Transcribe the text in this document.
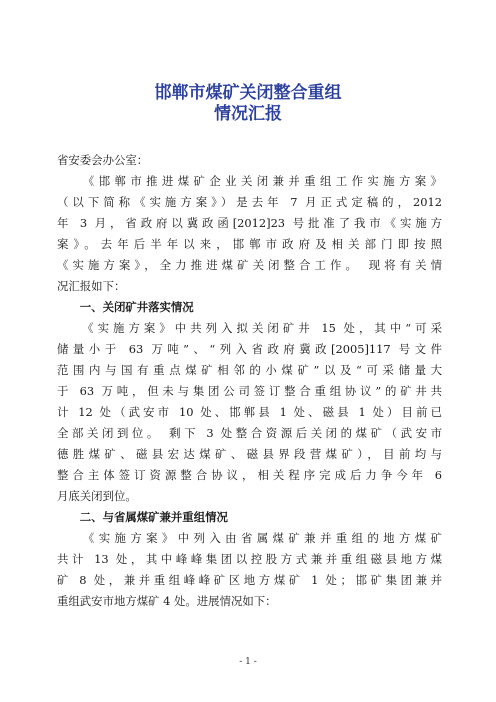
邯郸市煤矿关闭整合重组
情况汇报
省安委会办公室：
　　《邯郸市推进煤矿企业关闭兼并重组工作实施方案》
（以下简称《实施方案》）是去年 7 月正式定稿的，2012
年 3 月，省政府以冀政函[2012]23 号批准了我市《实施方
案》。去年后半年以来，邯郸市政府及相关部门即按照
《实施方案》，全力推进煤矿关闭整合工作。 现将有关情
况汇报如下：
　　一、关闭矿井落实情况
　　《实施方案》中共列入拟关闭矿井 15 处，其中“可采
储量小于 63 万吨”、“列入省政府冀政[2005]117 号文件
范围内与国有重点煤矿相邻的小煤矿”以及“可采储量大
于 63 万吨，但未与集团公司签订整合重组协议”的矿井共
计 12 处（武安市 10 处、邯郸县 1 处、磁县 1 处）目前已
全部关闭到位。 剩下 3 处整合资源后关闭的煤矿（武安市
德胜煤矿、磁县宏达煤矿、磁县界段营煤矿），目前均与
整合主体签订资源整合协议，相关程序完成后力争今年 6
月底关闭到位。
　　二、与省属煤矿兼并重组情况
　　《实施方案》中列入由省属煤矿兼并重组的地方煤矿
共计 13 处，其中峰峰集团以控股方式兼并重组磁县地方煤
矿 8 处，兼并重组峰峰矿区地方煤矿 1 处；邯矿集团兼并
重组武安市地方煤矿 4 处。进展情况如下：
- 1 -
